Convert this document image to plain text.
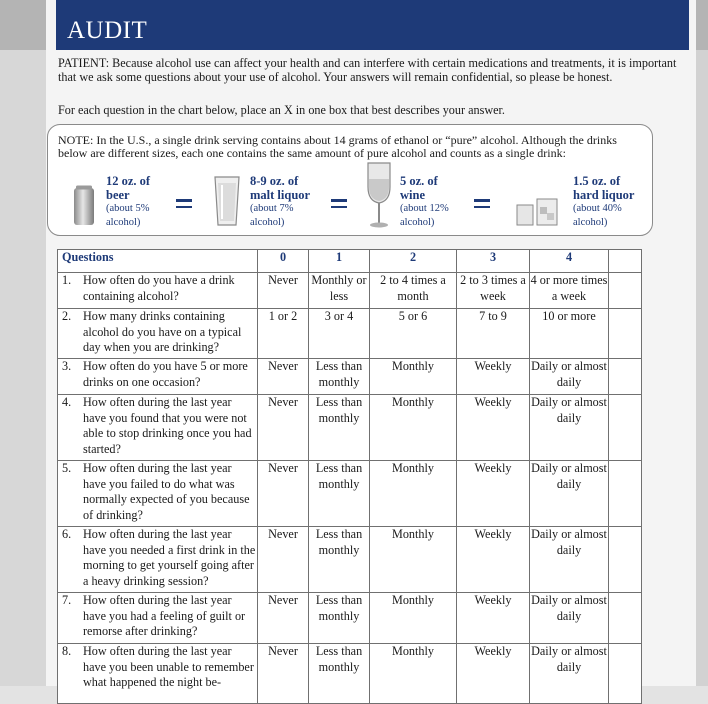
AUDIT
PATIENT: Because alcohol use can affect your health and can interfere with certain medications and treatments, it is important that we ask some questions about your use of alcohol. Your answers will remain confidential, so please be honest.
For each question in the chart below, place an X in one box that best describes your answer.
NOTE: In the U.S., a single drink serving contains about 14 grams of ethanol or “pure” alcohol. Although the drinks below are different sizes, each one contains the same amount of pure alcohol and counts as a single drink:
12 oz. of
beer
(about 5%
alcohol)
8-9 oz. of
malt liquor
(about 7%
alcohol)
5 oz. of
wine
(about 12%
alcohol)
1.5 oz. of
hard liquor
(about 40%
alcohol)
Questions	0	1	2	3	4	

1. How often do you have a drink containing alcohol?	Never	Monthly or less	2 to 4 times a month	2 to 3 times a week	4 or more times a week	

2. How many drinks containing alcohol do you have on a typical day when you are drinking?	1 or 2	3 or 4	5 or 6	7 to 9	10 or more	

3. How often do you have 5 or more drinks on one occasion?	Never	Less than monthly	Monthly	Weekly	Daily or almost daily	

4. How often during the last year have you found that you were not able to stop drinking once you had started?	Never	Less than monthly	Monthly	Weekly	Daily or almost daily	

5. How often during the last year have you failed to do what was normally expected of you because of drinking?	Never	Less than monthly	Monthly	Weekly	Daily or almost daily	

6. How often during the last year have you needed a first drink in the morning to get yourself going after a heavy drinking session?	Never	Less than monthly	Monthly	Weekly	Daily or almost daily	

7. How often during the last year have you had a feeling of guilt or remorse after drinking?	Never	Less than monthly	Monthly	Weekly	Daily or almost daily	

8. How often during the last year have you been unable to remember what happened the night be-	Never	Less than monthly	Monthly	Weekly	Daily or almost daily	
